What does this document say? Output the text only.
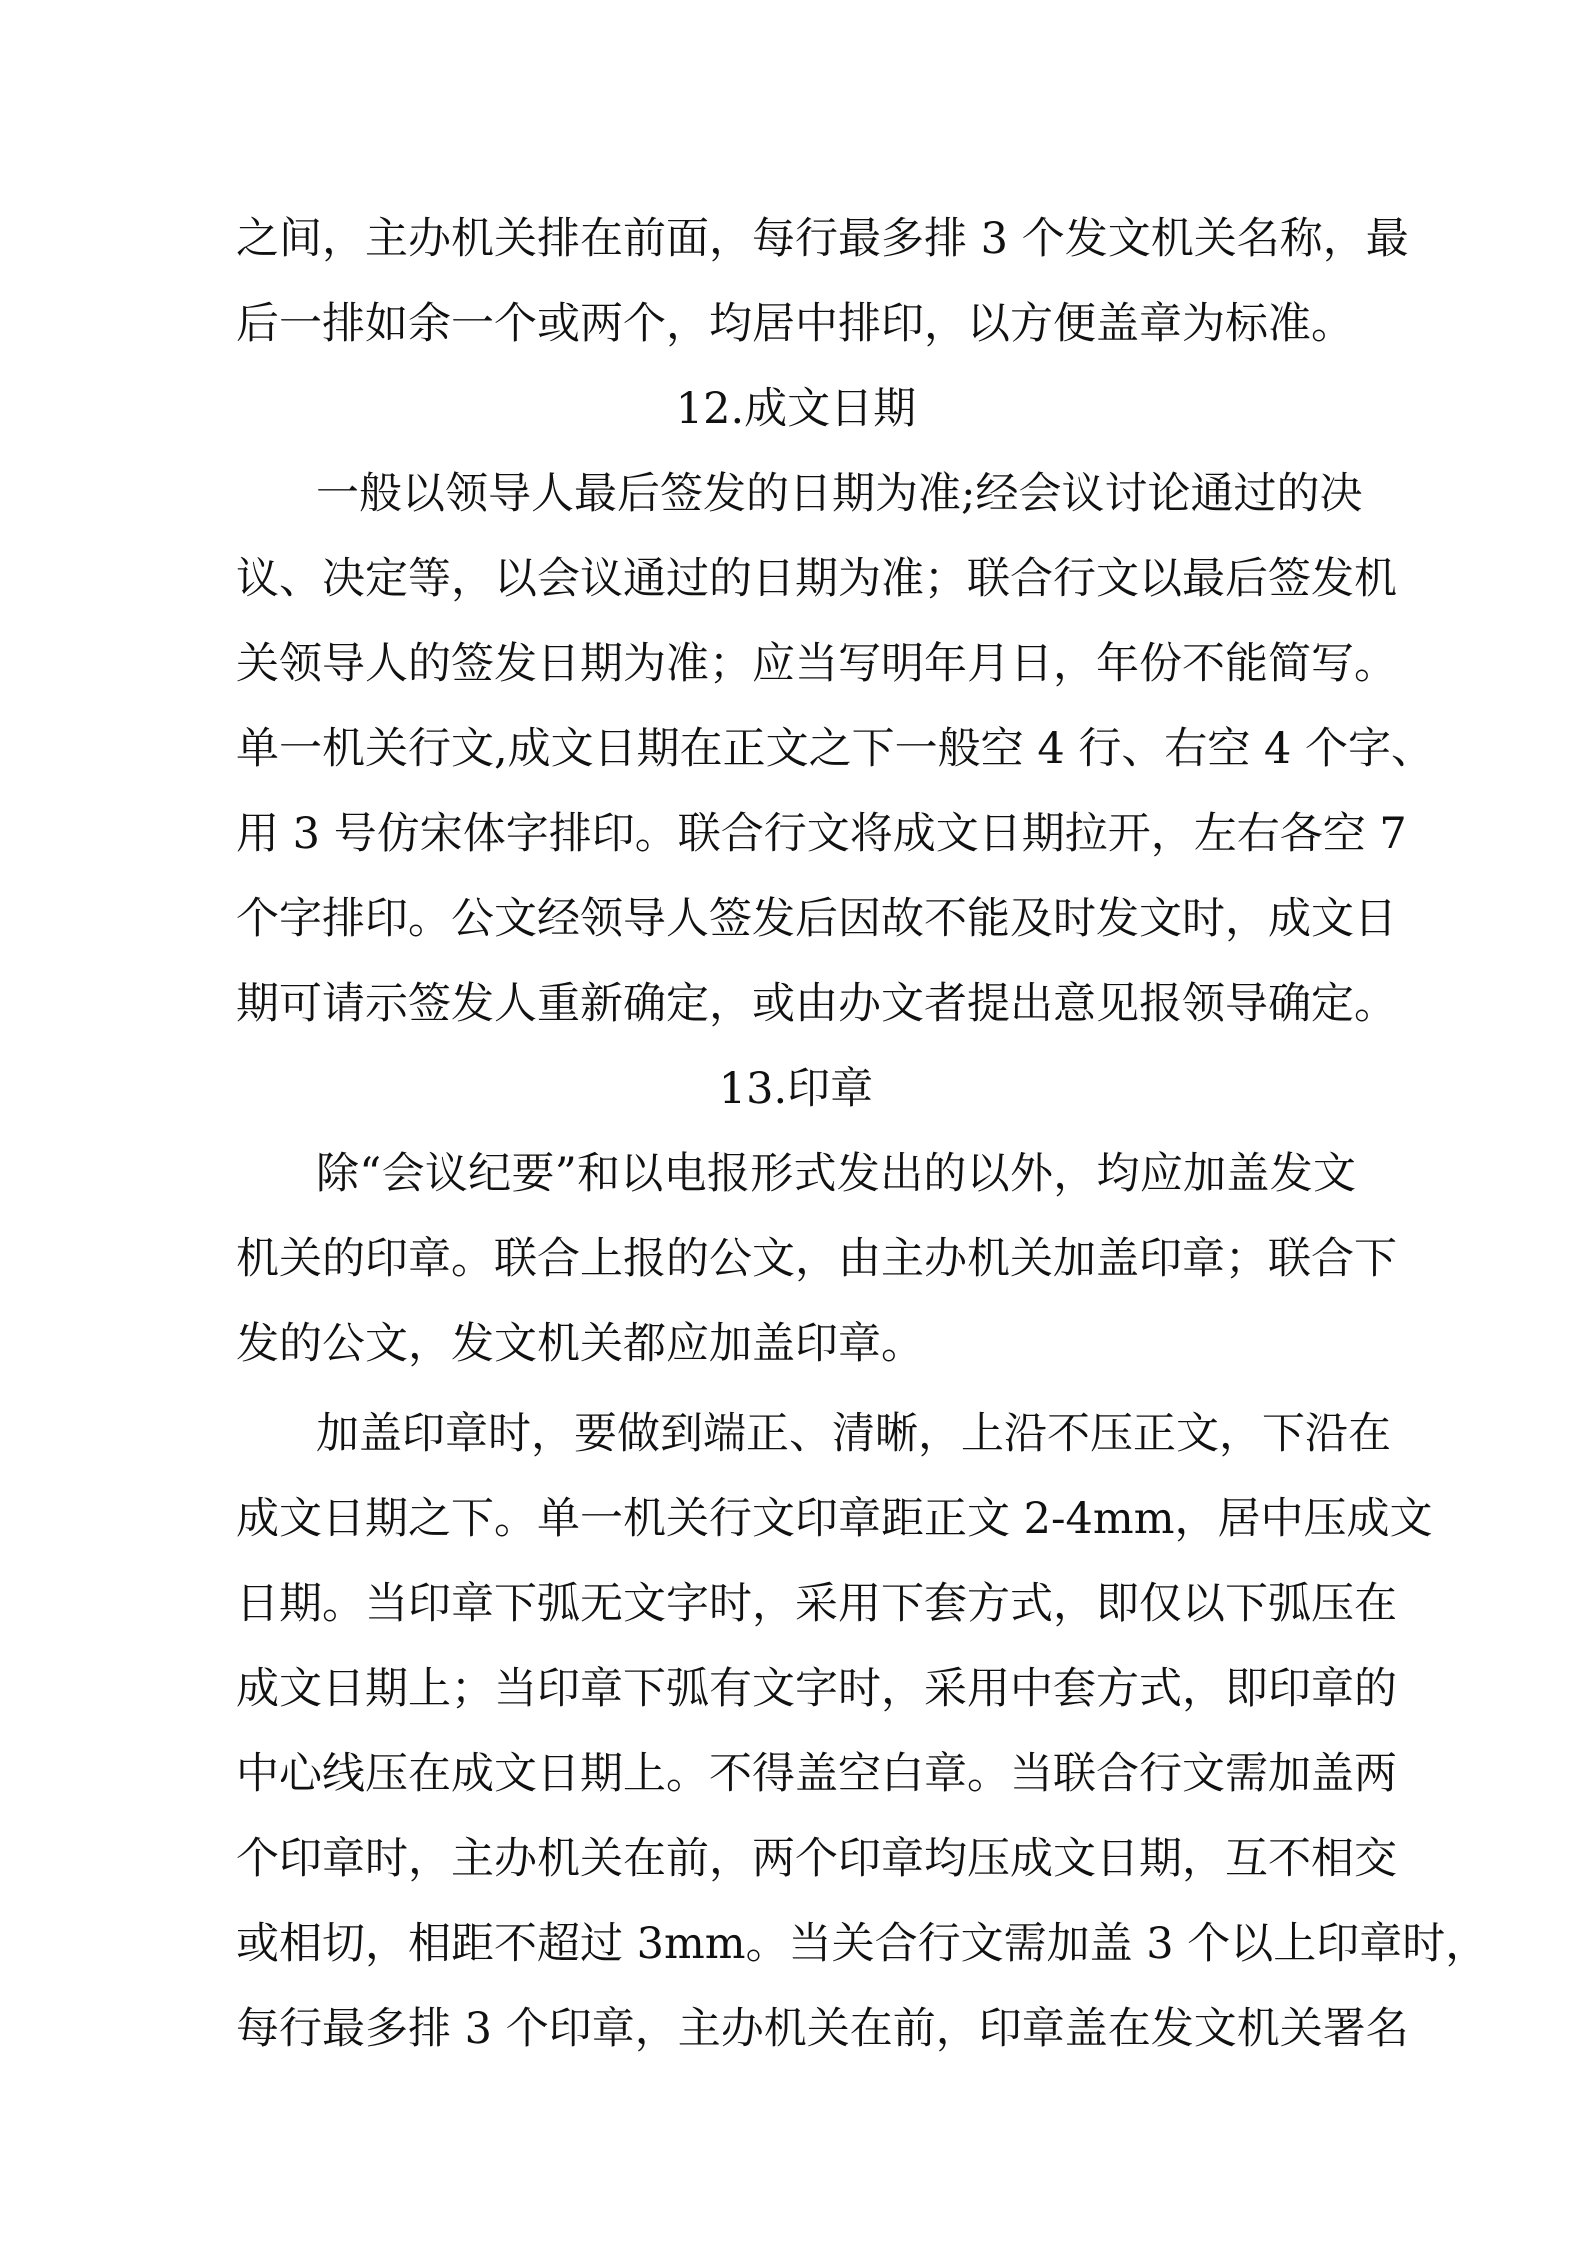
之间，主办机关排在前面，每行最多排 3 个发文机关名称，最
后一排如余一个或两个，均居中排印，以方便盖章为标准。
12.成文日期
一般以领导人最后签发的日期为准;经会议讨论通过的决
议、决定等，以会议通过的日期为准；联合行文以最后签发机
关领导人的签发日期为准；应当写明年月日，年份不能简写。
单一机关行文,成文日期在正文之下一般空 4 行、右空 4 个字、
用 3 号仿宋体字排印。联合行文将成文日期拉开，左右各空 7
个字排印。公文经领导人签发后因故不能及时发文时，成文日
期可请示签发人重新确定，或由办文者提出意见报领导确定。
13.印章
除“会议纪要”和以电报形式发出的以外，均应加盖发文
机关的印章。联合上报的公文，由主办机关加盖印章；联合下
发的公文，发文机关都应加盖印章。
加盖印章时，要做到端正、清晰，上沿不压正文，下沿在
成文日期之下。单一机关行文印章距正文 2-4mm，居中压成文
日期。当印章下弧无文字时，采用下套方式，即仅以下弧压在
成文日期上；当印章下弧有文字时，采用中套方式，即印章的
中心线压在成文日期上。不得盖空白章。当联合行文需加盖两
个印章时，主办机关在前，两个印章均压成文日期，互不相交
或相切，相距不超过 3mm。当关合行文需加盖 3 个以上印章时，
每行最多排 3 个印章，主办机关在前，印章盖在发文机关署名
